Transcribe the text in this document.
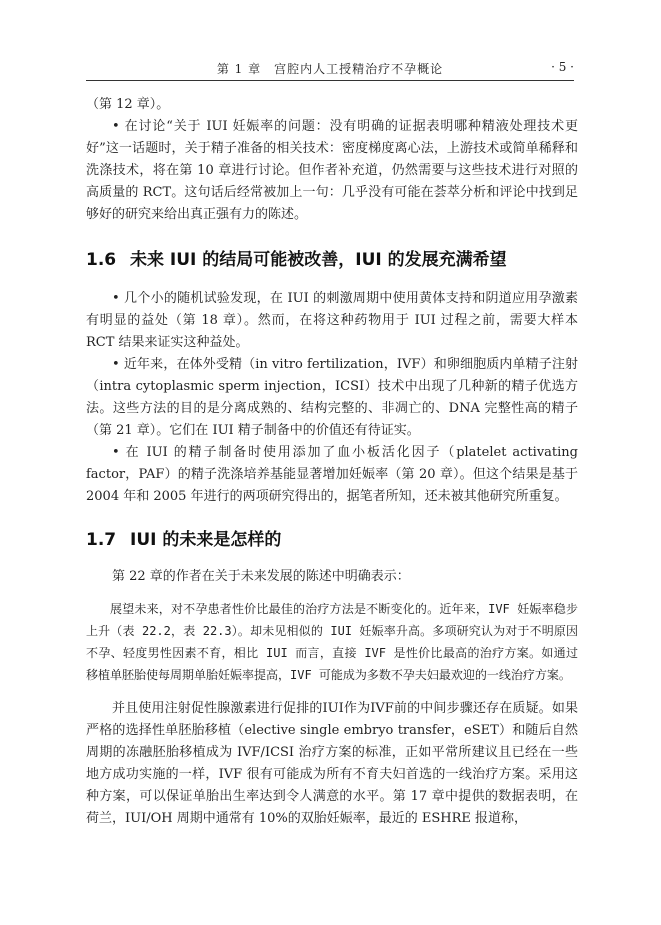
第 1 章　宫腔内人工授精治疗不孕概论	· 5 ·

（第 12 章）。

• 在讨论“关于 IUI 妊娠率的问题：没有明确的证据表明哪种精液处理技术更好”这一话题时，关于精子准备的相关技术：密度梯度离心法，上游技术或简单稀释和洗涤技术，将在第 10 章进行讨论。但作者补充道，仍然需要与这些技术进行对照的高质量的 RCT。这句话后经常被加上一句：几乎没有可能在荟萃分析和评论中找到足够好的研究来给出真正强有力的陈述。

1.6 未来 IUI 的结局可能被改善，IUI 的发展充满希望

• 几个小的随机试验发现，在 IUI 的刺激周期中使用黄体支持和阴道应用孕激素有明显的益处（第 18 章）。然而，在将这种药物用于 IUI 过程之前，需要大样本 RCT 结果来证实这种益处。

• 近年来，在体外受精（in vitro fertilization，IVF）和卵细胞质内单精子注射（intra cytoplasmic sperm injection，ICSI）技术中出现了几种新的精子优选方法。这些方法的目的是分离成熟的、结构完整的、非凋亡的、DNA 完整性高的精子（第 21 章）。它们在 IUI 精子制备中的价值还有待证实。

• 在 IUI 的精子制备时使用添加了血小板活化因子（platelet activating factor，PAF）的精子洗涤培养基能显著增加妊娠率（第 20 章）。但这个结果是基于 2004 年和 2005 年进行的两项研究得出的，据笔者所知，还未被其他研究所重复。

1.7 IUI 的未来是怎样的

第 22 章的作者在关于未来发展的陈述中明确表示：

展望未来，对不孕患者性价比最佳的治疗方法是不断变化的。近年来，IVF 妊娠率稳步上升（表 22.2，表 22.3）。却未见相似的 IUI 妊娠率升高。多项研究认为对于不明原因不孕、轻度男性因素不育，相比 IUI 而言，直接 IVF 是性价比最高的治疗方案。如通过移植单胚胎使每周期单胎妊娠率提高，IVF 可能成为多数不孕夫妇最欢迎的一线治疗方案。

并且使用注射促性腺激素进行促排的IUI作为IVF前的中间步骤还存在质疑。如果严格的选择性单胚胎移植（elective single embryo transfer，eSET）和随后自然周期的冻融胚胎移植成为 IVF/ICSI 治疗方案的标准，正如平常所建议且已经在一些地方成功实施的一样，IVF 很有可能成为所有不育夫妇首选的一线治疗方案。采用这种方案，可以保证单胎出生率达到令人满意的水平。第 17 章中提供的数据表明，在荷兰，IUI/OH 周期中通常有 10%的双胎妊娠率，最近的 ESHRE 报道称，
